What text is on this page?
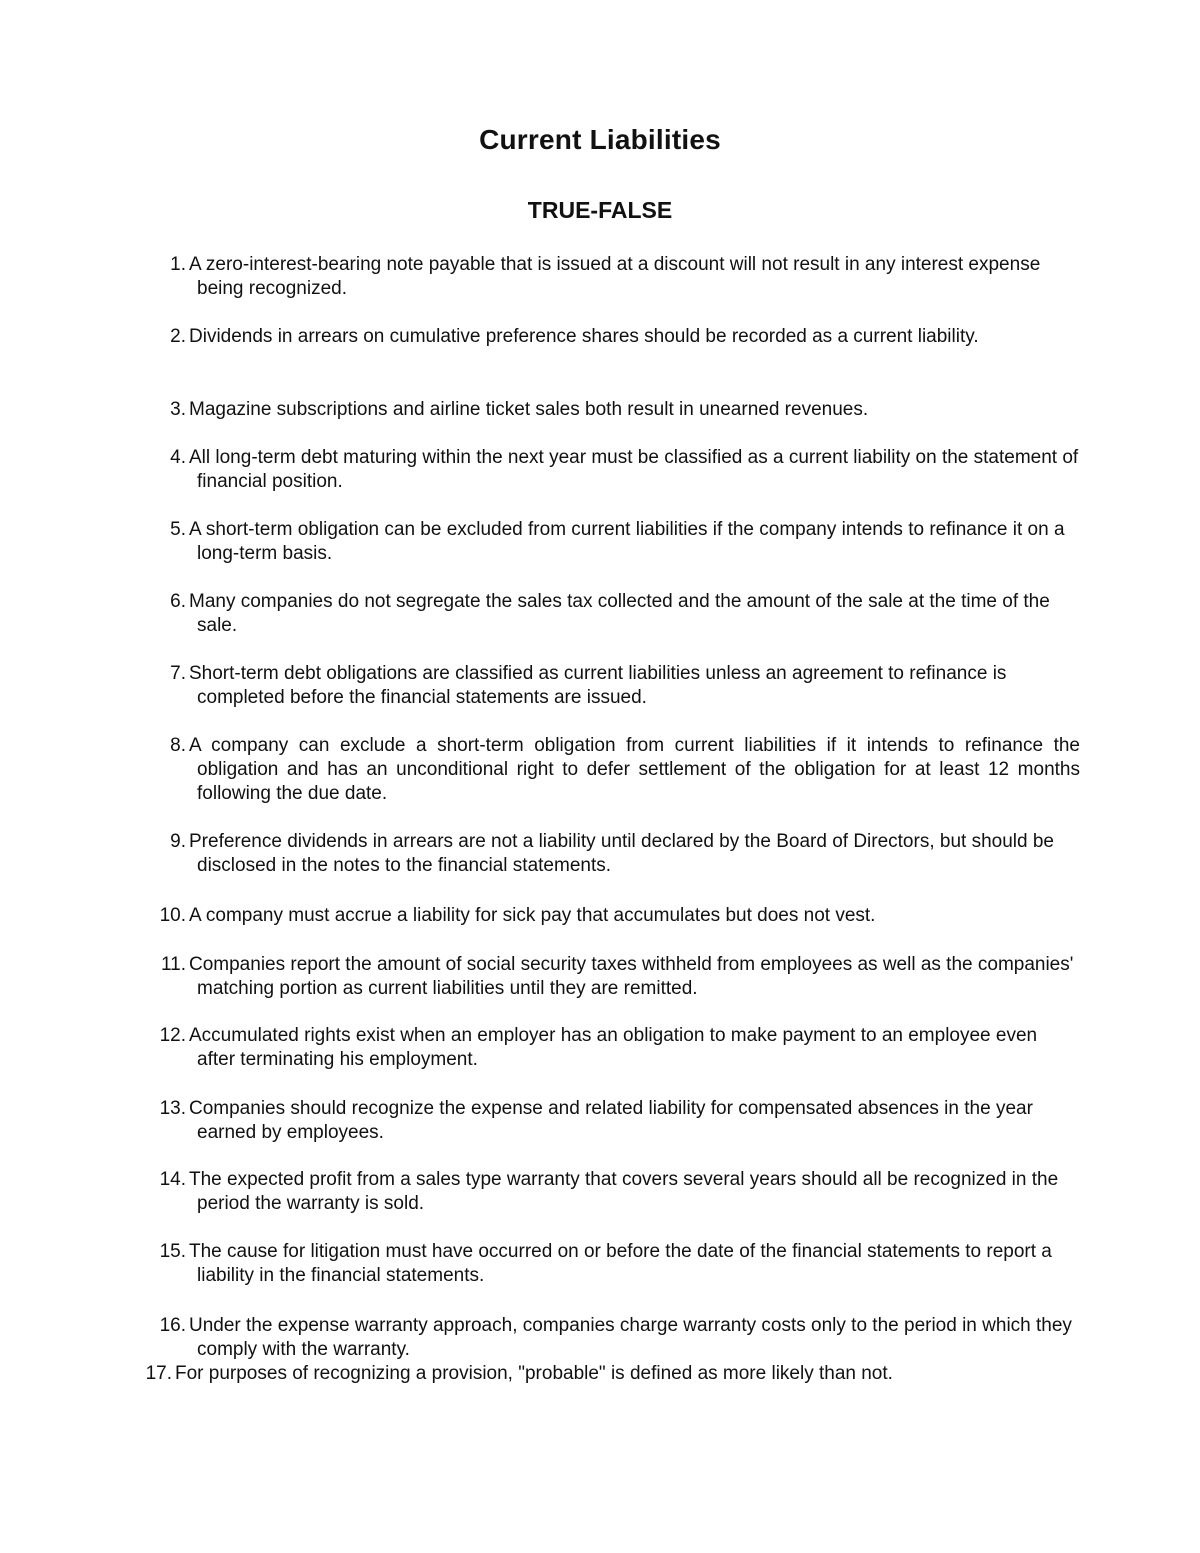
Current Liabilities
TRUE-FALSE
1. A zero-interest-bearing note payable that is issued at a discount will not result in any interest expense being recognized.
2. Dividends in arrears on cumulative preference shares should be recorded as a current liability.
3. Magazine subscriptions and airline ticket sales both result in unearned revenues.
4. All long-term debt maturing within the next year must be classified as a current liability on the statement of financial position.
5. A short-term obligation can be excluded from current liabilities if the company intends to refinance it on a long-term basis.
6. Many companies do not segregate the sales tax collected and the amount of the sale at the time of the sale.
7. Short-term debt obligations are classified as current liabilities unless an agreement to refinance is completed before the financial statements are issued.
8. A company can exclude a short-term obligation from current liabilities if it intends to refinance the obligation and has an unconditional right to defer settlement of the obligation for at least 12 months following the due date.
9. Preference dividends in arrears are not a liability until declared by the Board of Directors, but should be disclosed in the notes to the financial statements.
10. A company must accrue a liability for sick pay that accumulates but does not vest.
11. Companies report the amount of social security taxes withheld from employees as well as the companies' matching portion as current liabilities until they are remitted.
12. Accumulated rights exist when an employer has an obligation to make payment to an employee even after terminating his employment.
13. Companies should recognize the expense and related liability for compensated absences in the year earned by employees.
14. The expected profit from a sales type warranty that covers several years should all be recognized in the period the warranty is sold.
15. The cause for litigation must have occurred on or before the date of the financial statements to report a liability in the financial statements.
16. Under the expense warranty approach, companies charge warranty costs only to the period in which they comply with the warranty.
17. For purposes of recognizing a provision, "probable" is defined as more likely than not.
